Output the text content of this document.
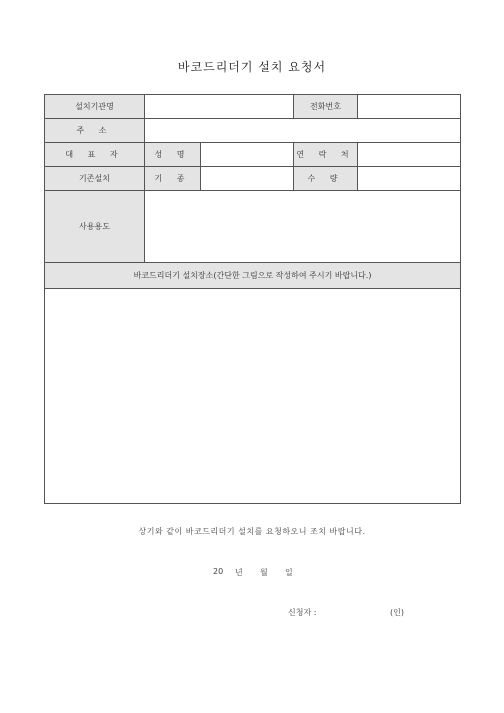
바코드리더기 설치 요청서
설치기관명			전화번호	
주 소				
대 표 자	성 명		연 락 처	
기존설치	기 종		수 량	
사용용도				
바코드리더기 설치장소(간단한 그림으로 작성하여 주시기 바랍니다.)				

상기와 같이 바코드리더기 설치를 요청하오니 조치 바랍니다.
20 년 월 일
신청자 :	(인)
